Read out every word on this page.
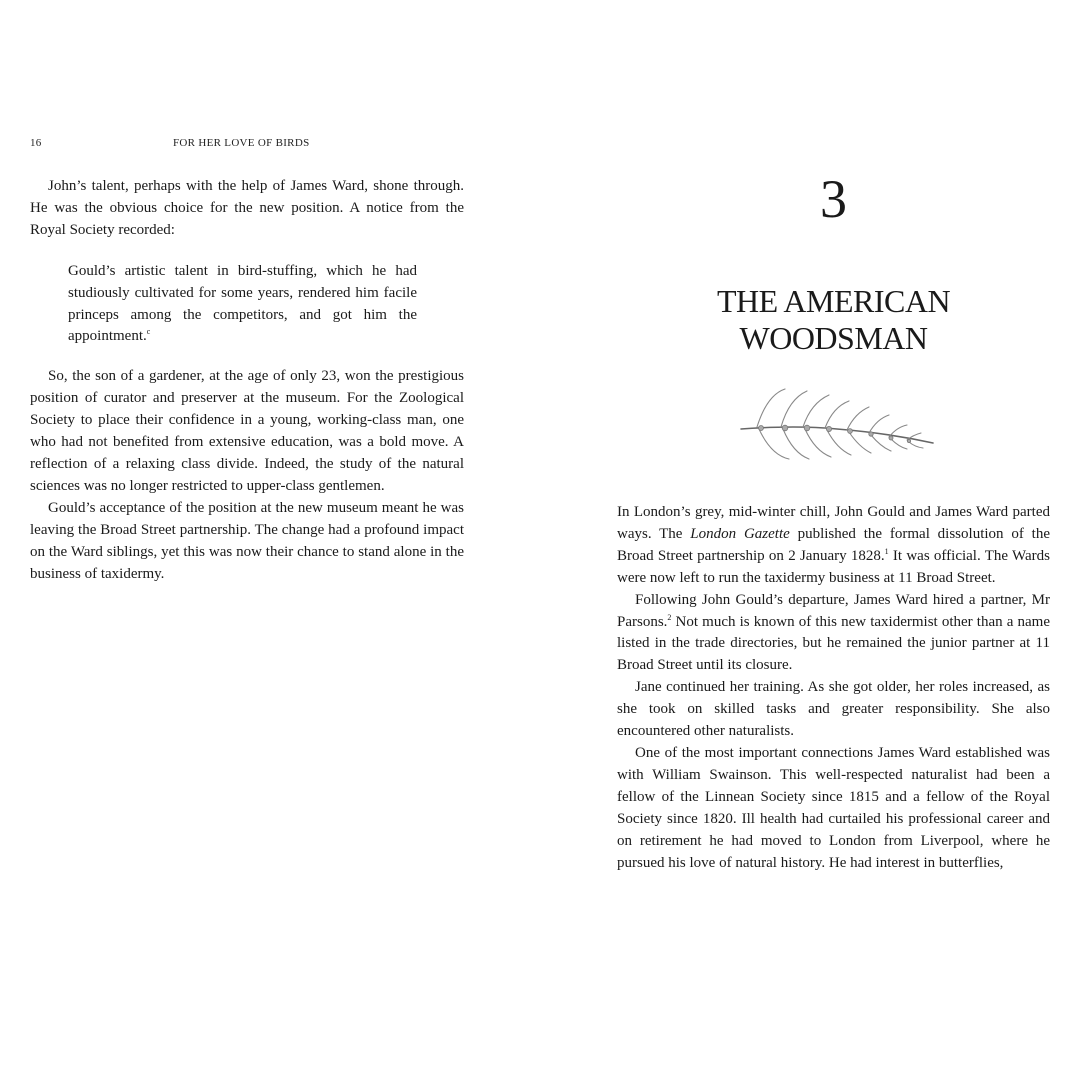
16	FOR HER LOVE OF BIRDS

John’s talent, perhaps with the help of James Ward, shone through. He was the obvious choice for the new position. A notice from the Royal Society recorded:

Gould’s artistic talent in bird-stuffing, which he had studiously cultivated for some years, rendered him facile princeps among the competitors, and got him the appointment.$^c$

So, the son of a gardener, at the age of only 23, won the prestigious position of curator and preserver at the museum. For the Zoological Society to place their confidence in a young, working-class man, one who had not benefited from extensive education, was a bold move. A reflection of a relaxing class divide. Indeed, the study of the natural sciences was no longer restricted to upper-class gentlemen.

Gould’s acceptance of the position at the new museum meant he was leaving the Broad Street partnership. The change had a profound impact on the Ward siblings, yet this was now their chance to stand alone in the business of taxidermy.

3
THE AMERICAN
WOODSMAN

In London’s grey, mid-winter chill, John Gould and James Ward parted ways. The London Gazette published the formal dissolution of the Broad Street partnership on 2 January 1828.$^1$ It was official. The Wards were now left to run the taxidermy business at 11 Broad Street.

Following John Gould’s departure, James Ward hired a partner, Mr Parsons.$^2$ Not much is known of this new taxidermist other than a name listed in the trade directories, but he remained the junior partner at 11 Broad Street until its closure.

Jane continued her training. As she got older, her roles increased, as she took on skilled tasks and greater responsibility. She also encountered other naturalists.

One of the most important connections James Ward established was with William Swainson. This well-respected naturalist had been a fellow of the Linnean Society since 1815 and a fellow of the Royal Society since 1820. Ill health had curtailed his professional career and on retirement he had moved to London from Liverpool, where he pursued his love of natural history. He had interest in butterflies,
